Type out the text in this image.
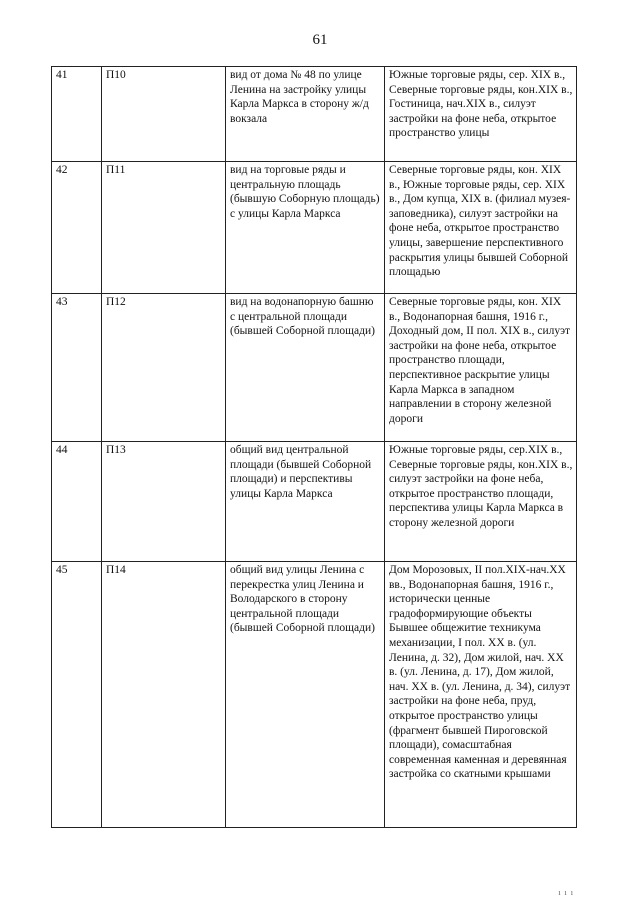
61
41	П10	вид от дома № 48 по улице Ленина на застройку улицы Карла Маркса в сторону ж/д вокзала	Южные торговые ряды, сер. XIX в., Северные торговые ряды, кон.XIX в., Гостиница, нач.XIX в., силуэт застройки на фоне неба, открытое пространство улицы
42	П11	вид на торговые ряды и центральную площадь (бывшую Соборную площадь) с улицы Карла Маркса	Северные торговые ряды, кон. XIX в., Южные торговые ряды, сер. XIX в., Дом купца, XIX в. (филиал музея-заповедника), силуэт застройки на фоне неба, открытое пространство улицы, завершение перспективного раскрытия улицы бывшей Соборной площадью
43	П12	вид на водонапорную башню с центральной площади (бывшей Соборной площади)	Северные торговые ряды, кон. XIX в., Водонапорная башня, 1916 г., Доходный дом, II пол. XIX в., силуэт застройки на фоне неба, открытое пространство площади, перспективное раскрытие улицы Карла Маркса в западном направлении в сторону железной дороги
44	П13	общий вид центральной площади (бывшей Соборной площади) и перспективы улицы Карла Маркса	Южные торговые ряды, сер.XIX в., Северные торговые ряды, кон.XIX в., силуэт застройки на фоне неба, открытое пространство площади, перспектива улицы Карла Маркса в сторону железной дороги
45	П14	общий вид улицы Ленина с перекрестка улиц Ленина и Володарского в сторону центральной площади (бывшей Соборной площади)	Дом Морозовых, II пол.XIX-нач.XX вв., Водонапорная башня, 1916 г., исторически ценные градоформирующие объекты Бывшее общежитие техникума механизации, I пол. XX в. (ул. Ленина, д. 32), Дом жилой, нач. XX в. (ул. Ленина, д. 17), Дом жилой, нач. XX в. (ул. Ленина, д. 34), силуэт застройки на фоне неба, пруд, открытое пространство улицы (фрагмент бывшей Пироговской площади), сомасштабная современная каменная и деревянная застройка со скатными крышами
ı ı ı
